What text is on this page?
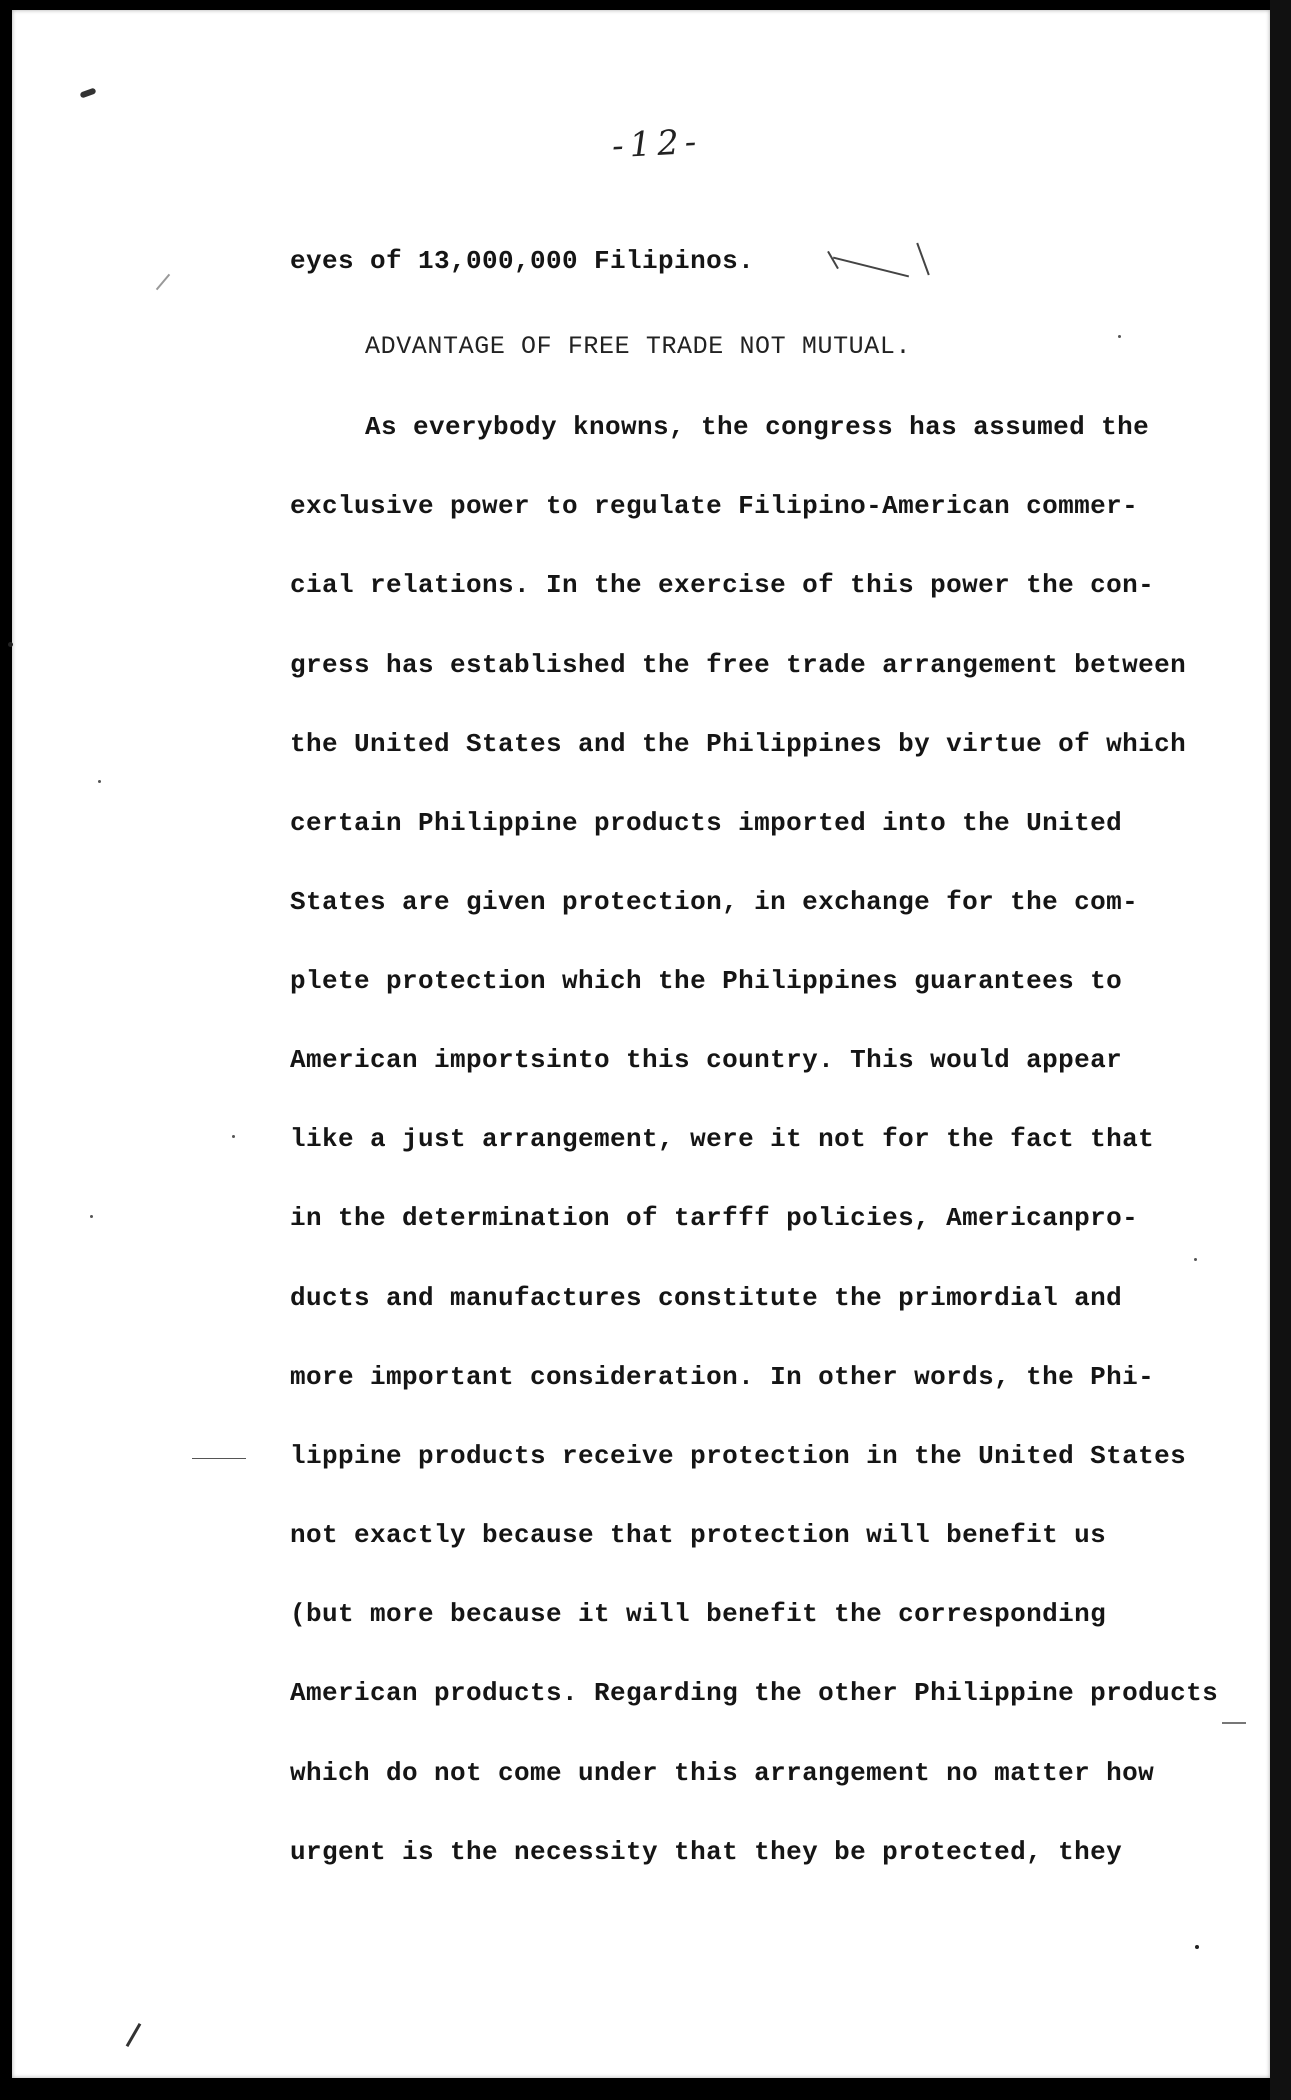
-12-
eyes of 13,000,000 Filipinos.
ADVANTAGE OF FREE TRADE NOT MUTUAL.
As everybody knowns, the congress has assumed the
exclusive power to regulate Filipino-American commer-
cial relations. In the exercise of this power the con-
gress has established the free trade arrangement between
the United States and the Philippines by virtue of which
certain Philippine products imported into the United
States are given protection, in exchange for the com-
plete protection which the Philippines guarantees to
American importsinto this country. This would appear
like a just arrangement, were it not for the fact that
in the determination of tarfff policies, Americanpro-
ducts and manufactures constitute the primordial and
more important consideration. In other words, the Phi-
lippine products receive protection in the United States
not exactly because that protection will benefit us
(but more because it will benefit the corresponding
American products. Regarding the other Philippine products
which do not come under this arrangement no matter how
urgent is the necessity that they be protected, they
